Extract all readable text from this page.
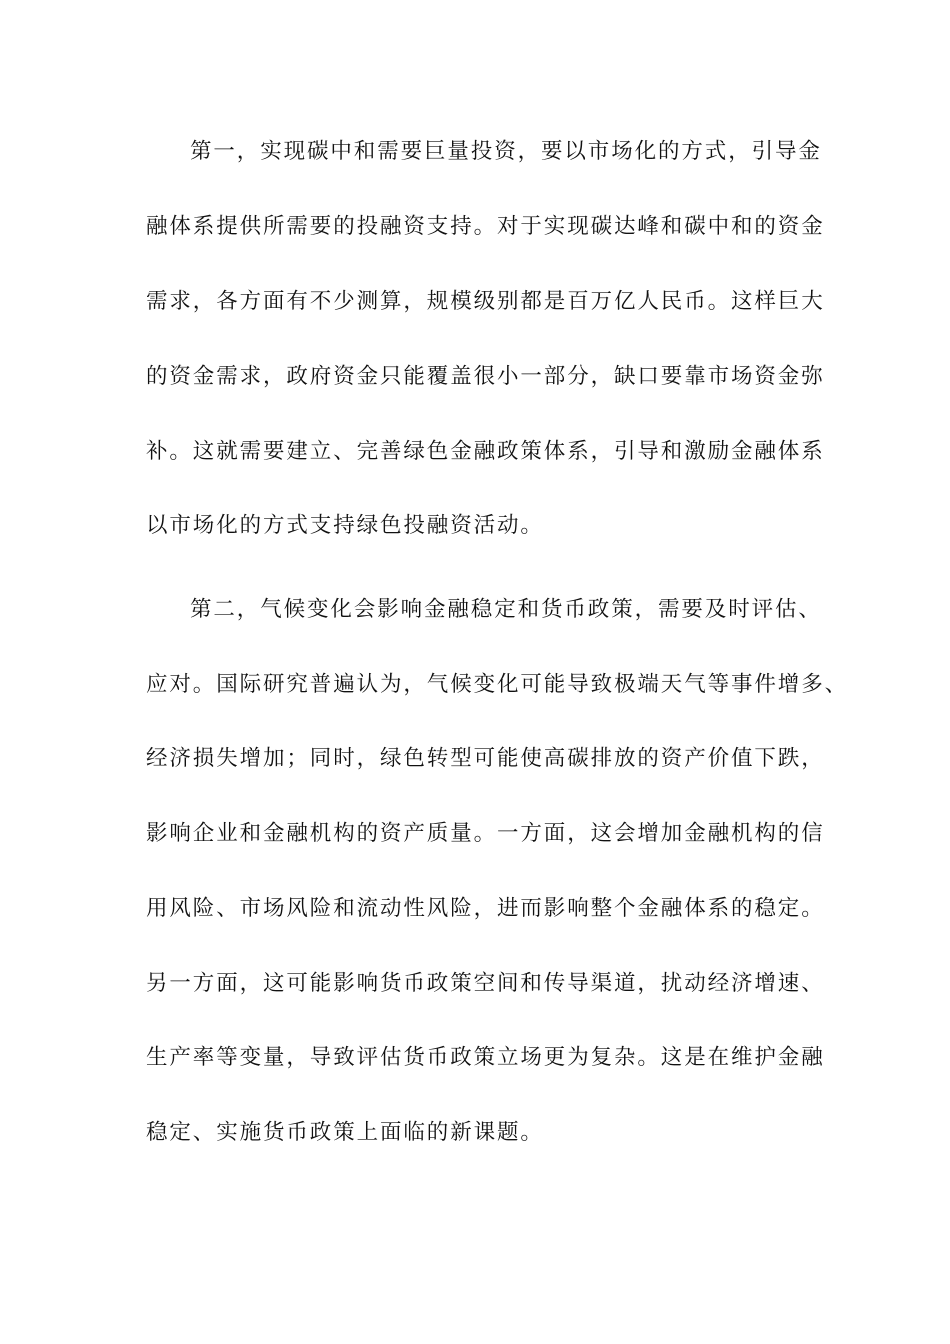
第一，实现碳中和需要巨量投资，要以市场化的方式，引导金
融体系提供所需要的投融资支持。对于实现碳达峰和碳中和的资金
需求，各方面有不少测算，规模级别都是百万亿人民币。这样巨大
的资金需求，政府资金只能覆盖很小一部分，缺口要靠市场资金弥
补。这就需要建立、完善绿色金融政策体系，引导和激励金融体系
以市场化的方式支持绿色投融资活动。
第二，气候变化会影响金融稳定和货币政策，需要及时评估、
应对。国际研究普遍认为，气候变化可能导致极端天气等事件增多、
经济损失增加；同时，绿色转型可能使高碳排放的资产价值下跌，
影响企业和金融机构的资产质量。一方面，这会增加金融机构的信
用风险、市场风险和流动性风险，进而影响整个金融体系的稳定。
另一方面，这可能影响货币政策空间和传导渠道，扰动经济增速、
生产率等变量，导致评估货币政策立场更为复杂。这是在维护金融
稳定、实施货币政策上面临的新课题。
